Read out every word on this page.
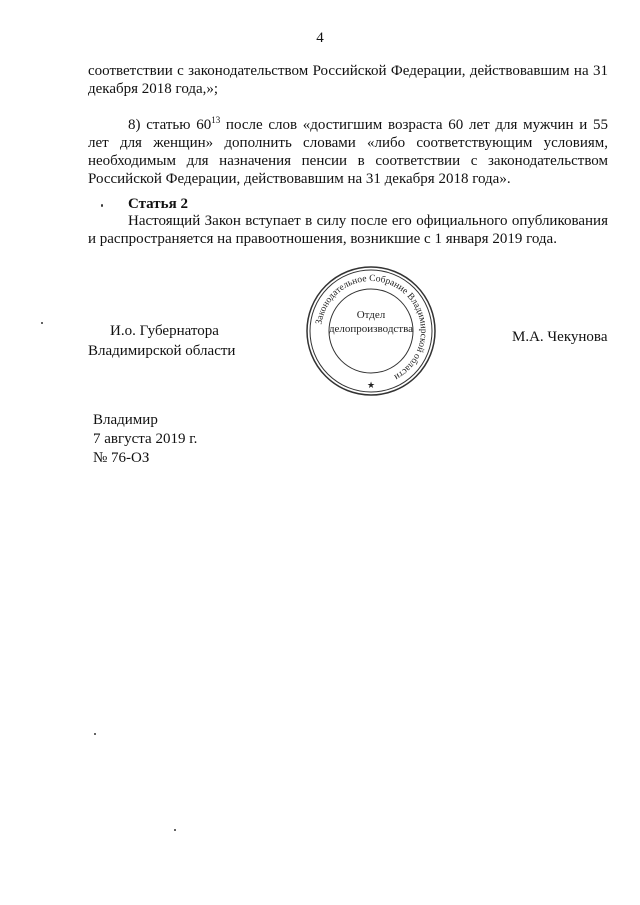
4
соответствии с законодательством Российской Федерации, действовавшим на 31 декабря 2018 года,»;
8) статью $60^{13}$ после слов «достигшим возраста 60 лет для мужчин и 55 лет для женщин» дополнить словами «либо соответствующим условиям, необходимым для назначения пенсии в соответствии с законодательством Российской Федерации, действовавшим на 31 декабря 2018 года».
Статья 2
Настоящий Закон вступает в силу после его официального опубликования и распространяется на правоотношения, возникшие с 1 января 2019 года.
И.о. Губернатора
Владимирской области
Законодательное Собрание Владимирской области
★
Отдел
делопроизводства	М.А. Чекунова
Владимир
7 августа 2019 г.
№ 76-ОЗ
